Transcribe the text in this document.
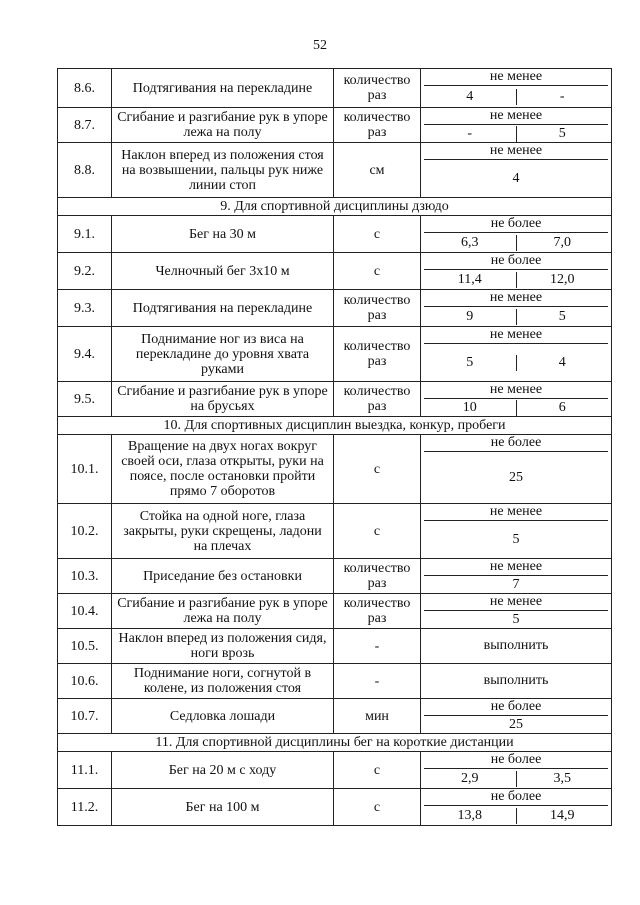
52
8.6.	Подтягивания на перекладине	количество раз	не менее
4 -

8.7.	Сгибание и разгибание рук в упоре лежа на полу	количество раз	не менее
- 5

8.8.	Наклон вперед из положения стоя на возвышении, пальцы рук ниже линии стоп	см	не менее
4

9. Для спортивной дисциплины дзюдо			
9.1.	Бег на 30 м	с	не более
6,3 7,0

9.2.	Челночный бег 3х10 м	с	не более
11,4 12,0

9.3.	Подтягивания на перекладине	количество раз	не менее
9 5

9.4.	Поднимание ног из виса на перекладине до уровня хвата руками	количество раз	не менее
5 4

9.5.	Сгибание и разгибание рук в упоре на брусьях	количество раз	не менее
10 6

10. Для спортивных дисциплин выездка, конкур, пробеги			
10.1.	Вращение на двух ногах вокруг своей оси, глаза открыты, руки на поясе, после остановки пройти прямо 7 оборотов	с	не более
25

10.2.	Стойка на одной ноге, глаза закрыты, руки скрещены, ладони на плечах	с	не менее
5

10.3.	Приседание без остановки	количество раз	не менее
7

10.4.	Сгибание и разгибание рук в упоре лежа на полу	количество раз	не менее
5

10.5.	Наклон вперед из положения сидя, ноги врозь	-	выполнить

10.6.	Поднимание ноги, согнутой в колене, из положения стоя	-	выполнить

10.7.	Седловка лошади	мин	не более
25

11. Для спортивной дисциплины бег на короткие дистанции			
11.1.	Бег на 20 м с ходу	с	не более
2,9 3,5

11.2.	Бег на 100 м	с	не более
13,8 14,9
